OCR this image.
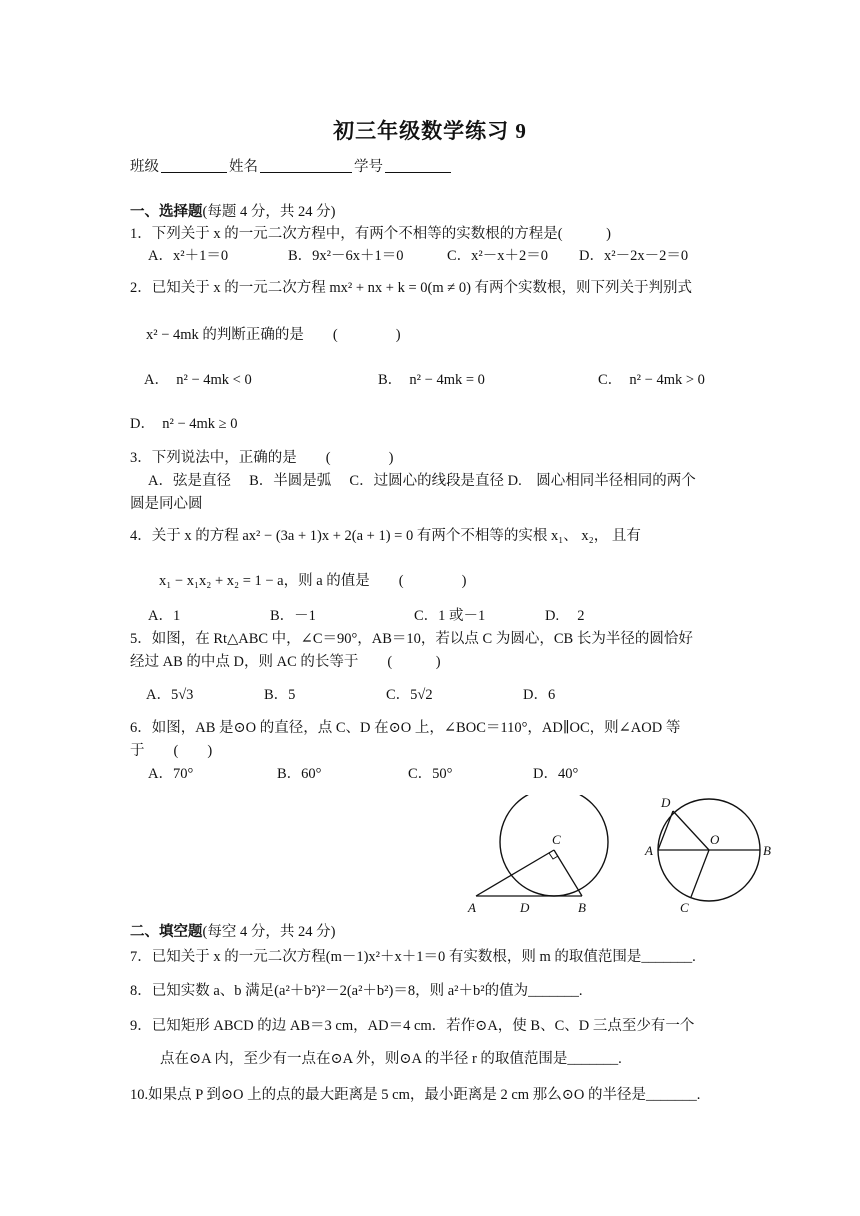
初三年级数学练习 9
班级	姓名	学号
一、选择题(每题 4 分，共 24 分)
1．下列关于 x 的一元二次方程中，有两个不相等的实数根的方程是(　　　)
A．x²＋1＝0	B．9x²－6x＋1＝0	C．x²－x＋2＝0 D．x²－2x－2＝0
2．已知关于 x 的一元二次方程 mx² + nx + k = 0(m ≠ 0) 有两个实数根，则下列关于判别式
x² − 4mk 的判断正确的是　　(　　　　)
A．　n² − 4mk < 0	B．　n² − 4mk = 0	C．　n² − 4mk > 0
D．　n² − 4mk ≥ 0
3．下列说法中，正确的是　　(　　　　)
A．弦是直径　 B．半圆是弧　 C．过圆心的线段是直径 D.　圆心相同半径相同的两个
圆是同心圆
4．关于 x 的方程 ax² − (3a + 1)x + 2(a + 1) = 0 有两个不相等的实根 x₁、 x₂， 且有
x₁ − x₁x₂ + x₂ = 1 − a，则 a 的值是　　(　　　　)
A．1	B．－1	C．1 或－1	D.　 2
5．如图，在 Rt△ABC 中，∠C＝90°，AB＝10，若以点 C 为圆心，CB 长为半径的圆恰好
经过 AB 的中点 D，则 AC 的长等于　　(　　　)
A．5√3	B．5	C．5√2	D．6
6．如图，AB 是⊙O 的直径，点 C、D 在⊙O 上，∠BOC＝110°，AD∥OC，则∠AOD 等
于　　(　　)
A．70°	B．60°	C．50°	D．40°
C
A	D	B
D
O
A	B
C
二、填空题(每空 4 分，共 24 分)
7．已知关于 x 的一元二次方程(m－1)x²＋x＋1＝0 有实数根，则 m 的取值范围是_______.
8．已知实数 a、b 满足(a²＋b²)²－2(a²＋b²)＝8，则 a²＋b²的值为_______.
9．已知矩形 ABCD 的边 AB＝3 cm，AD＝4 cm．若作⊙A，使 B、C、D 三点至少有一个
点在⊙A 内，至少有一点在⊙A 外，则⊙A 的半径 r 的取值范围是_______.
10.如果点 P 到⊙O 上的点的最大距离是 5 cm，最小距离是 2 cm 那么⊙O 的半径是_______.
